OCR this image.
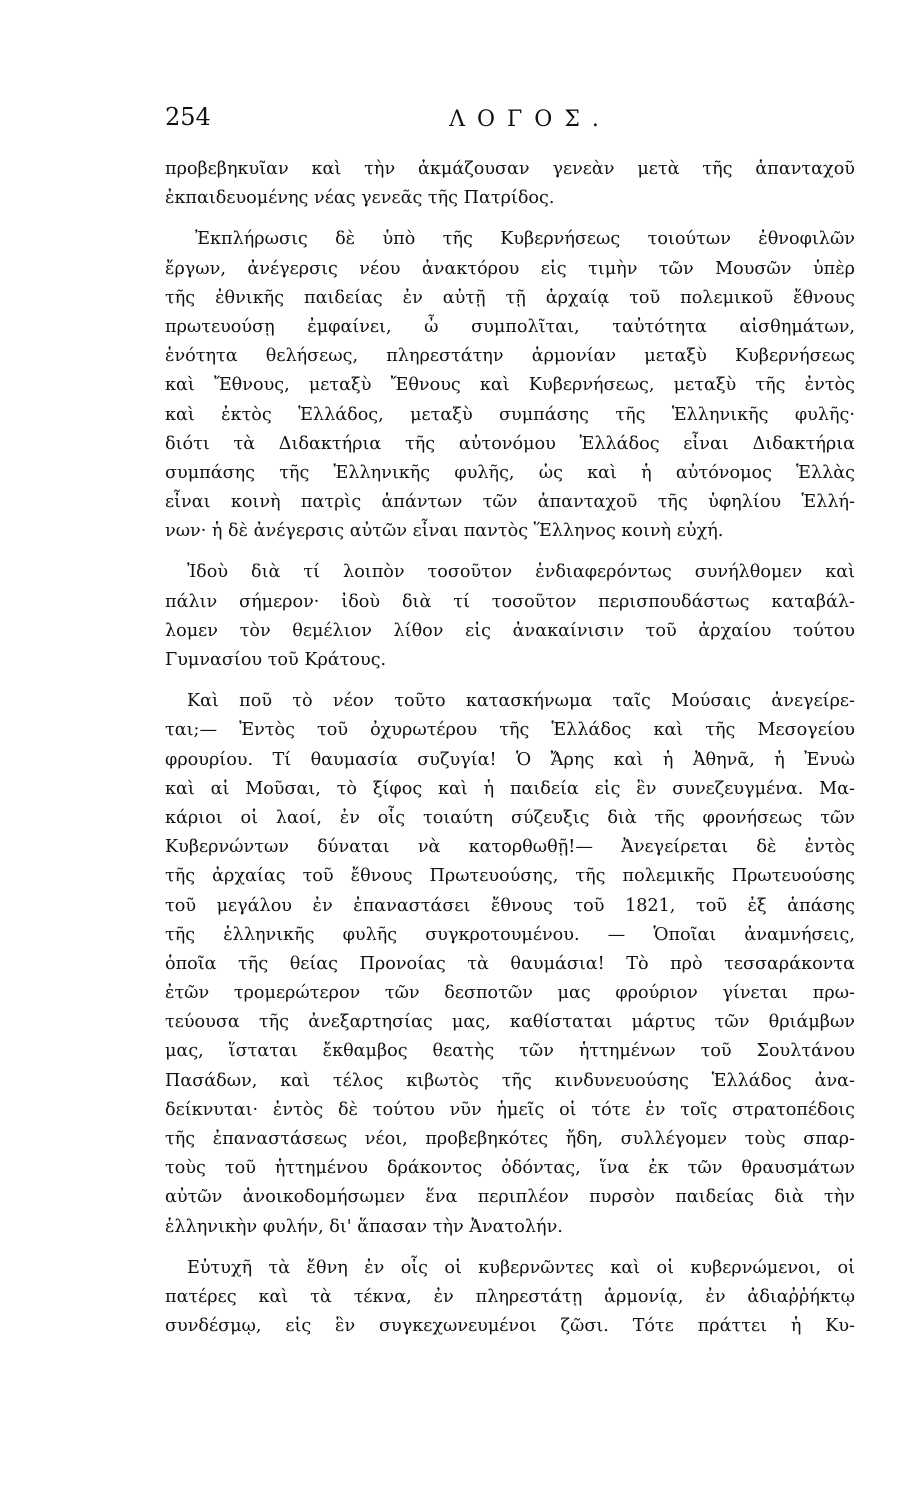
254	ΛΟΓΟΣ.
προβεβηκυῖαν καὶ τὴν ἀκμάζουσαν γενεὰν μετὰ τῆς ἁπανταχοῦ
ἐκπαιδευομένης νέας γενεᾶς τῆς Πατρίδος.
Ἐκπλήρωσις δὲ ὑπὸ τῆς Κυβερνήσεως τοιούτων ἐθνοφιλῶν
ἔργων, ἀνέγερσις νέου ἀνακτόρου εἰς τιμὴν τῶν Μουσῶν ὑπὲρ
τῆς ἐθνικῆς παιδείας ἐν αὐτῇ τῇ ἀρχαίᾳ τοῦ πολεμικοῦ ἔθνους
πρωτευούσῃ ἐμφαίνει, ὦ συμπολῖται, ταὐτότητα αἰσθημάτων,
ἑνότητα θελήσεως, πληρεστάτην ἁρμονίαν μεταξὺ Κυβερνήσεως
καὶ Ἔθνους, μεταξὺ Ἔθνους καὶ Κυβερνήσεως, μεταξὺ τῆς ἐντὸς
καὶ ἐκτὸς Ἑλλάδος, μεταξὺ συμπάσης τῆς Ἑλληνικῆς φυλῆς·
διότι τὰ Διδακτήρια τῆς αὐτονόμου Ἑλλάδος εἶναι Διδακτήρια
συμπάσης τῆς Ἑλληνικῆς φυλῆς, ὡς καὶ ἡ αὐτόνομος Ἑλλὰς
εἶναι κοινὴ πατρὶς ἁπάντων τῶν ἁπανταχοῦ τῆς ὑφηλίου Ἑλλή-
νων· ἡ δὲ ἀνέγερσις αὐτῶν εἶναι παντὸς Ἕλληνος κοινὴ εὐχή.
Ἰδοὺ διὰ τί λοιπὸν τοσοῦτον ἐνδιαφερόντως συνήλθομεν καὶ
πάλιν σήμερον· ἰδοὺ διὰ τί τοσοῦτον περισπουδάστως καταβάλ-
λομεν τὸν θεμέλιον λίθον εἰς ἀνακαίνισιν τοῦ ἀρχαίου τούτου
Γυμνασίου τοῦ Κράτους.
Καὶ ποῦ τὸ νέον τοῦτο κατασκήνωμα ταῖς Μούσαις ἀνεγείρε-
ται;— Ἐντὸς τοῦ ὀχυρωτέρου τῆς Ἑλλάδος καὶ τῆς Μεσογείου
φρουρίου. Τί θαυμασία συζυγία! Ὁ Ἄρης καὶ ἡ Ἀθηνᾶ, ἡ Ἐνυὼ
καὶ αἱ Μοῦσαι, τὸ ξίφος καὶ ἡ παιδεία εἰς ἓν συνεζευγμένα. Μα-
κάριοι οἱ λαοί, ἐν οἷς τοιαύτη σύζευξις διὰ τῆς φρονήσεως τῶν
Κυβερνώντων δύναται νὰ κατορθωθῇ!— Ἀνεγείρεται δὲ ἐντὸς
τῆς ἀρχαίας τοῦ ἔθνους Πρωτευούσης, τῆς πολεμικῆς Πρωτευούσης
τοῦ μεγάλου ἐν ἐπαναστάσει ἔθνους τοῦ 1821, τοῦ ἐξ ἁπάσης
τῆς ἑλληνικῆς φυλῆς συγκροτουμένου. — Ὁποῖαι ἀναμνήσεις,
ὁποῖα τῆς θείας Προνοίας τὰ θαυμάσια! Τὸ πρὸ τεσσαράκοντα
ἐτῶν τρομερώτερον τῶν δεσποτῶν μας φρούριον γίνεται πρω-
τεύουσα τῆς ἀνεξαρτησίας μας, καθίσταται μάρτυς τῶν θριάμβων
μας, ἵσταται ἔκθαμβος θεατὴς τῶν ἡττημένων τοῦ Σουλτάνου
Πασάδων, καὶ τέλος κιβωτὸς τῆς κινδυνευούσης Ἑλλάδος ἀνα-
δείκνυται· ἐντὸς δὲ τούτου νῦν ἡμεῖς οἱ τότε ἐν τοῖς στρατοπέδοις
τῆς ἐπαναστάσεως νέοι, προβεβηκότες ἤδη, συλλέγομεν τοὺς σπαρ-
τοὺς τοῦ ἡττημένου δράκοντος ὀδόντας, ἵνα ἐκ τῶν θραυσμάτων
αὐτῶν ἀνοικοδομήσωμεν ἕνα περιπλέον πυρσὸν παιδείας διὰ τὴν
ἑλληνικὴν φυλήν, δι' ἅπασαν τὴν Ἀνατολήν.
Εὐτυχῆ τὰ ἔθνη ἐν οἷς οἱ κυβερνῶντες καὶ οἱ κυβερνώμενοι, οἱ
πατέρες καὶ τὰ τέκνα, ἐν πληρεστάτῃ ἁρμονίᾳ, ἐν ἀδιαῤῥήκτῳ
συνδέσμῳ, εἰς ἓν συγκεχωνευμένοι ζῶσι. Τότε πράττει ἡ Κυ-
